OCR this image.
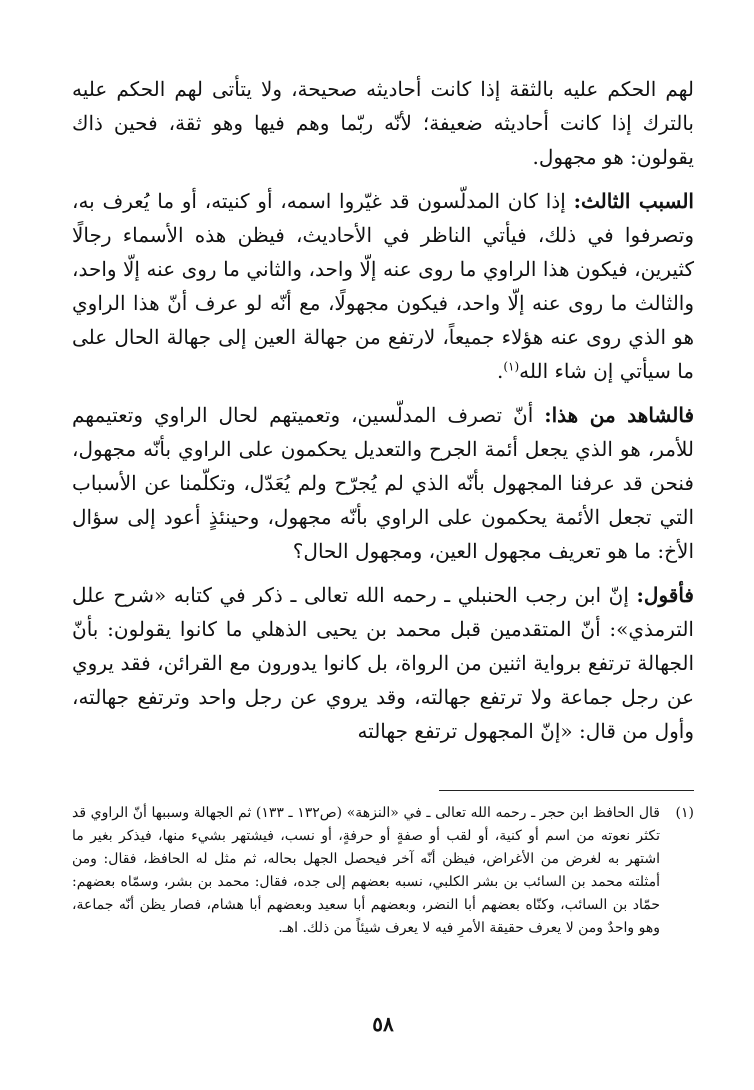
لهم الحكم عليه بالثقة إذا كانت أحاديثه صحيحة، ولا يتأتى لهم الحكم عليه بالترك إذا كانت أحاديثه ضعيفة؛ لأنّه ربّما وهم فيها وهو ثقة، فحين ذاك يقولون: هو مجهول.

السبب الثالث: إذا كان المدلّسون قد غيّروا اسمه، أو كنيته، أو ما يُعرف به، وتصرفوا في ذلك، فيأتي الناظر في الأحاديث، فيظن هذه الأسماء رجالًا كثيرين، فيكون هذا الراوي ما روى عنه إلّا واحد، والثاني ما روى عنه إلّا واحد، والثالث ما روى عنه إلّا واحد، فيكون مجهولًا، مع أنّه لو عرف أنّ هذا الراوي هو الذي روى عنه هؤلاء جميعاً، لارتفع من جهالة العين إلى جهالة الحال على ما سيأتي إن شاء الله$^{(١)}$.

فالشاهد من هذا: أنّ تصرف المدلّسين، وتعميتهم لحال الراوي وتعتيمهم للأمر، هو الذي يجعل أئمة الجرح والتعديل يحكمون على الراوي بأنّه مجهول، فنحن قد عرفنا المجهول بأنّه الذي لم يُجرّح ولم يُعَدّل، وتكلّمنا عن الأسباب التي تجعل الأئمة يحكمون على الراوي بأنّه مجهول، وحينئذٍ أعود إلى سؤال الأخ: ما هو تعريف مجهول العين، ومجهول الحال؟

فأقول: إنّ ابن رجب الحنبلي ـ رحمه الله تعالى ـ ذكر في كتابه «شرح علل الترمذي»: أنّ المتقدمين قبل محمد بن يحيى الذهلي ما كانوا يقولون: بأنّ الجهالة ترتفع برواية اثنين من الرواة، بل كانوا يدورون مع القرائن، فقد يروي عن رجل جماعة ولا ترتفع جهالته، وقد يروي عن رجل واحد وترتفع جهالته، وأول من قال: «إنّ المجهول ترتفع جهالته

(١)
قال الحافظ ابن حجر ـ رحمه الله تعالى ـ في «النزهة» (ص١٣٢ ـ ١٣٣) ثم الجهالة وسببها أنّ الراوي قد تكثر نعوته من اسم أو كنية، أو لقب أو صفةٍ أو حرفةٍ، أو نسب، فيشتهر بشيء منها، فيذكر بغير ما اشتهر به لغرض من الأغراض، فيظن أنّه آخر فيحصل الجهل بحاله، ثم مثل له الحافظ، فقال: ومن أمثلته محمد بن السائب بن بشر الكلبي، نسبه بعضهم إلى جده، فقال: محمد بن بشر، وسمّاه بعضهم: حمّاد بن السائب، وكنّاه بعضهم أبا النضر، وبعضهم أبا سعيد وبعضهم أبا هشام، فصار يظن أنّه جماعة، وهو واحدٌ ومن لا يعرف حقيقة الأمرِ فيه لا يعرف شيئاً من ذلك. اهـ.
٥٨
